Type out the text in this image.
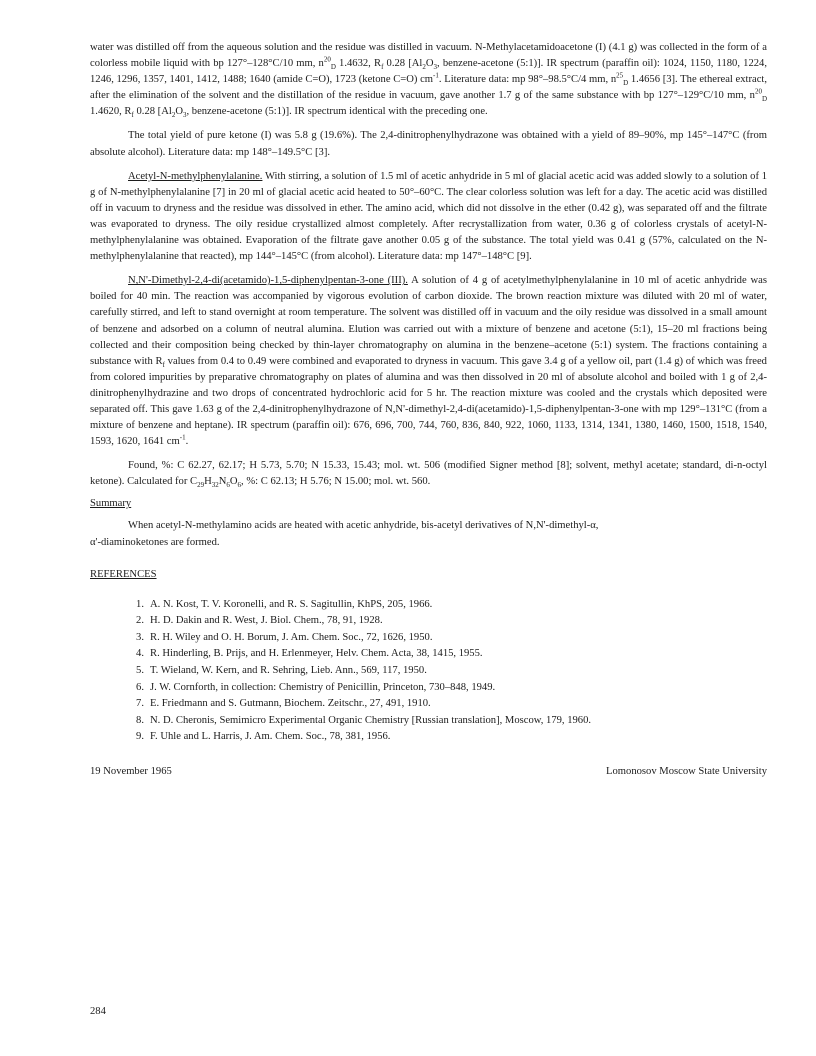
water was distilled off from the aqueous solution and the residue was distilled in vacuum. N-Methylacetamidoacetone (I) (4.1 g) was collected in the form of a colorless mobile liquid with bp 127°–128°C/10 mm, $n^{20}_D$ 1.4632, $R_f$ 0.28 [$Al_2O_3$, benzene-acetone (5:1)]. IR spectrum (paraffin oil): 1024, 1150, 1180, 1224, 1246, 1296, 1357, 1401, 1412, 1488; 1640 (amide C=O), 1723 (ketone C=O) $cm^{-1}$. Literature data: mp 98°–98.5°C/4 mm, $n^{25}_D$ 1.4656 [3]. The ethereal extract, after the elimination of the solvent and the distillation of the residue in vacuum, gave another 1.7 g of the same substance with bp 127°–129°C/10 mm, $n^{20}_D$ 1.4620, $R_f$ 0.28 [$Al_2O_3$, benzene-acetone (5:1)]. IR spectrum identical with the preceding one.

The total yield of pure ketone (I) was 5.8 g (19.6%). The 2,4-dinitrophenylhydrazone was obtained with a yield of 89–90%, mp 145°–147°C (from absolute alcohol). Literature data: mp 148°–149.5°C [3].

Acetyl-N-methylphenylalanine. With stirring, a solution of 1.5 ml of acetic anhydride in 5 ml of glacial acetic acid was added slowly to a solution of 1 g of N-methylphenylalanine [7] in 20 ml of glacial acetic acid heated to 50°–60°C. The clear colorless solution was left for a day. The acetic acid was distilled off in vacuum to dryness and the residue was dissolved in ether. The amino acid, which did not dissolve in the ether (0.42 g), was separated off and the filtrate was evaporated to dryness. The oily residue crystallized almost completely. After recrystallization from water, 0.36 g of colorless crystals of acetyl-N-methylphenylalanine was obtained. Evaporation of the filtrate gave another 0.05 g of the substance. The total yield was 0.41 g (57%, calculated on the N-methylphenylalanine that reacted), mp 144°–145°C (from alcohol). Literature data: mp 147°–148°C [9].

N,N'-Dimethyl-2,4-di(acetamido)-1,5-diphenylpentan-3-one (III). A solution of 4 g of acetylmethylphenylalanine in 10 ml of acetic anhydride was boiled for 40 min. The reaction was accompanied by vigorous evolution of carbon dioxide. The brown reaction mixture was diluted with 20 ml of water, carefully stirred, and left to stand overnight at room temperature. The solvent was distilled off in vacuum and the oily residue was dissolved in a small amount of benzene and adsorbed on a column of neutral alumina. Elution was carried out with a mixture of benzene and acetone (5:1), 15–20 ml fractions being collected and their composition being checked by thin-layer chromatography on alumina in the benzene–acetone (5:1) system. The fractions containing a substance with $R_f$ values from 0.4 to 0.49 were combined and evaporated to dryness in vacuum. This gave 3.4 g of a yellow oil, part (1.4 g) of which was freed from colored impurities by preparative chromatography on plates of alumina and was then dissolved in 20 ml of absolute alcohol and boiled with 1 g of 2,4-dinitrophenylhydrazine and two drops of concentrated hydrochloric acid for 5 hr. The reaction mixture was cooled and the crystals which deposited were separated off. This gave 1.63 g of the 2,4-dinitrophenylhydrazone of N,N'-dimethyl-2,4-di(acetamido)-1,5-diphenylpentan-3-one with mp 129°–131°C (from a mixture of benzene and heptane). IR spectrum (paraffin oil): 676, 696, 700, 744, 760, 836, 840, 922, 1060, 1133, 1314, 1341, 1380, 1460, 1500, 1518, 1540, 1593, 1620, 1641 $cm^{-1}$.

Found, %: C 62.27, 62.17; H 5.73, 5.70; N 15.33, 15.43; mol. wt. 506 (modified Signer method [8]; solvent, methyl acetate; standard, di-n-octyl ketone). Calculated for $C_{29}H_{32}N_6O_6$, %: C 62.13; H 5.76; N 15.00; mol. wt. 560.

Summary

When acetyl-N-methylamino acids are heated with acetic anhydride, bis-acetyl derivatives of N,N'-dimethyl-α,
α'-diaminoketones are formed.

REFERENCES

1. A. N. Kost, T. V. Koronelli, and R. S. Sagitullin, KhPS, 205, 1966.
2. H. D. Dakin and R. West, J. Biol. Chem., 78, 91, 1928.
3. R. H. Wiley and O. H. Borum, J. Am. Chem. Soc., 72, 1626, 1950.
4. R. Hinderling, B. Prijs, and H. Erlenmeyer, Helv. Chem. Acta, 38, 1415, 1955.
5. T. Wieland, W. Kern, and R. Sehring, Lieb. Ann., 569, 117, 1950.
6. J. W. Cornforth, in collection: Chemistry of Penicillin, Princeton, 730–848, 1949.
7. E. Friedmann and S. Gutmann, Biochem. Zeitschr., 27, 491, 1910.
8. N. D. Cheronis, Semimicro Experimental Organic Chemistry [Russian translation], Moscow, 179, 1960.
9. F. Uhle and L. Harris, J. Am. Chem. Soc., 78, 381, 1956.
19 November 1965	Lomonosov Moscow State University
284
